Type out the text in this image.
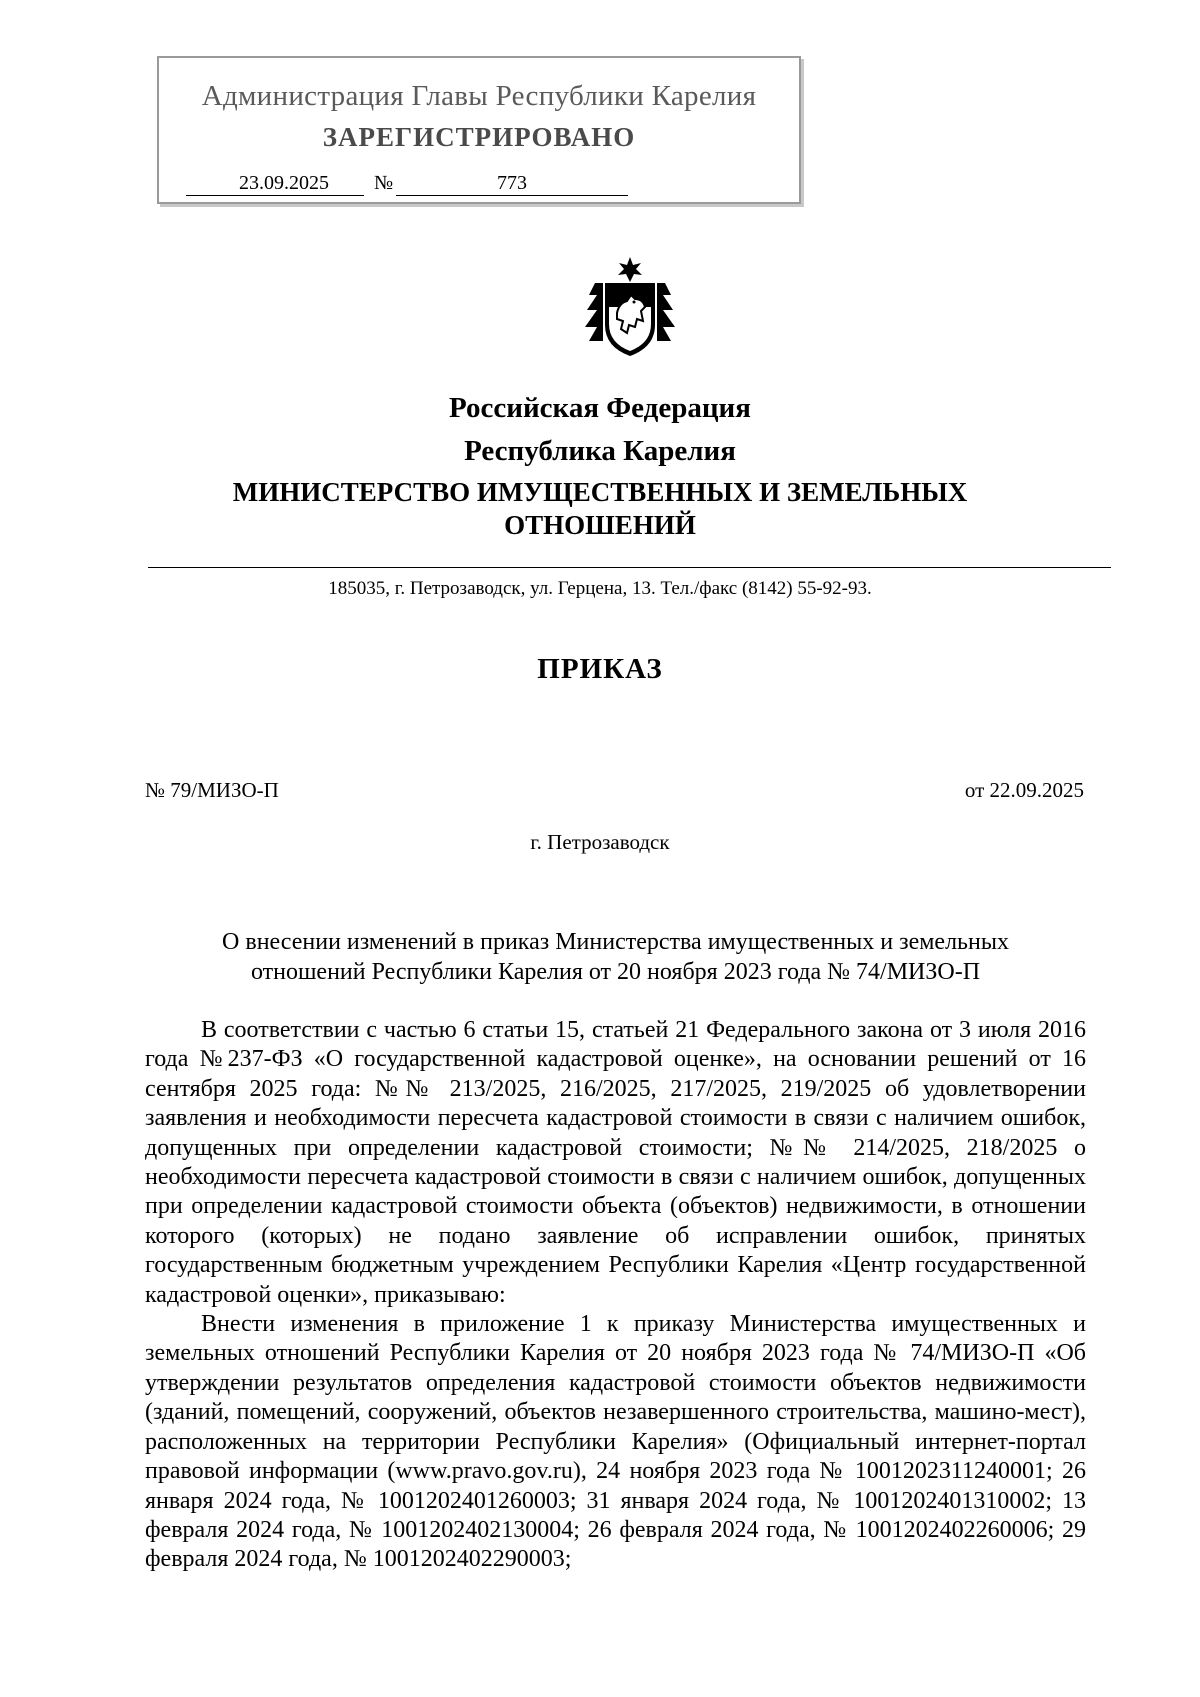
Администрация Главы Республики Карелия
ЗАРЕГИСТРИРОВАНО
23.09.2025	№	773
Российская Федерация
Республика Карелия
МИНИСТЕРСТВО ИМУЩЕСТВЕННЫХ И ЗЕМЕЛЬНЫХ
ОТНОШЕНИЙ
185035, г. Петрозаводск, ул. Герцена, 13. Тел./факс (8142) 55-92-93.
ПРИКАЗ
№ 79/МИЗО-П	от 22.09.2025
г. Петрозаводск
О внесении изменений в приказ Министерства имущественных и земельных
отношений Республики Карелия от 20 ноября 2023 года № 74/МИЗО-П

В соответствии с частью 6 статьи 15, статьей 21 Федерального закона от 3 июля 2016 года №237-ФЗ «О государственной кадастровой оценке», на основании решений от 16 сентября 2025 года: №№ 213/2025, 216/2025, 217/2025, 219/2025 об удовлетворении заявления и необходимости пересчета кадастровой стоимости в связи с наличием ошибок, допущенных при определении кадастровой стоимости; №№ 214/2025, 218/2025 о необходимости пересчета кадастровой стоимости в связи с наличием ошибок, допущенных при определении кадастровой стоимости объекта (объектов) недвижимости, в отношении которого (которых) не подано заявление об исправлении ошибок, принятых государственным бюджетным учреждением Республики Карелия «Центр государственной кадастровой оценки», приказываю:

Внести изменения в приложение 1 к приказу Министерства имущественных и земельных отношений Республики Карелия от 20 ноября 2023 года № 74/МИЗО-П «Об утверждении результатов определения кадастровой стоимости объектов недвижимости (зданий, помещений, сооружений, объектов незавершенного строительства, машино-мест), расположенных на территории Республики Карелия» (Официальный интернет-портал правовой информации (www.pravo.gov.ru), 24 ноября 2023 года № 1001202311240001; 26 января 2024 года, № 1001202401260003; 31 января 2024 года, № 1001202401310002; 13 февраля 2024 года, № 1001202402130004; 26 февраля 2024 года, № 1001202402260006; 29 февраля 2024 года, № 1001202402290003;
